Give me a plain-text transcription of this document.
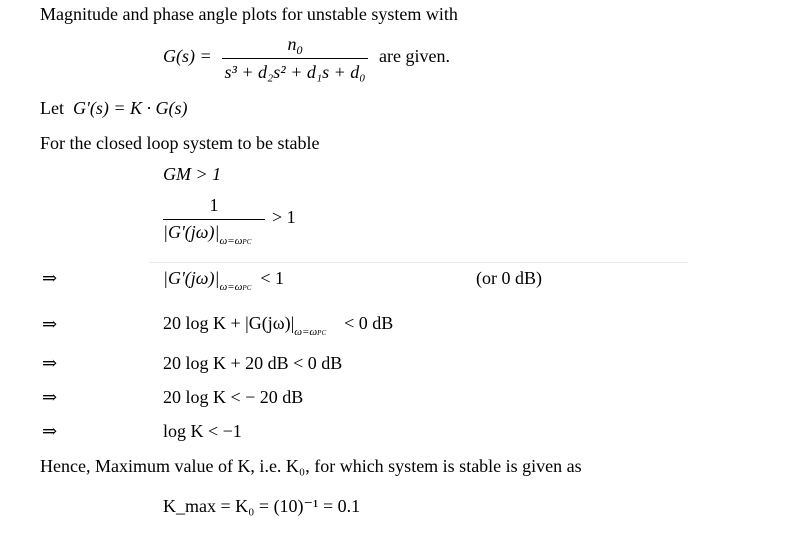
Magnitude and phase angle plots for unstable system with
G(s) =
$n_0$
s³ + d₂s² + d₁s + d₀
are given.
Let G'(s) = K · G(s)
For the closed loop system to be stable
GM > 1
1
$|G'(j\omega)|_{\omega=\omega PC}$
> 1
⇒	$|G'(j\omega)|_{\omega=\omega PC} < 1$	(or 0 dB)
⇒	20 $\log K + |G(j\omega)|_{\omega=\omega PC} < 0$ dB
⇒	20 log K + 20 dB < 0 dB
⇒	20 log K < − 20 dB
⇒	log K < −1
Hence, Maximum value of K, i.e. K₀, for which system is stable is given as
K_max = K₀ = (10)⁻¹ = 0.1
